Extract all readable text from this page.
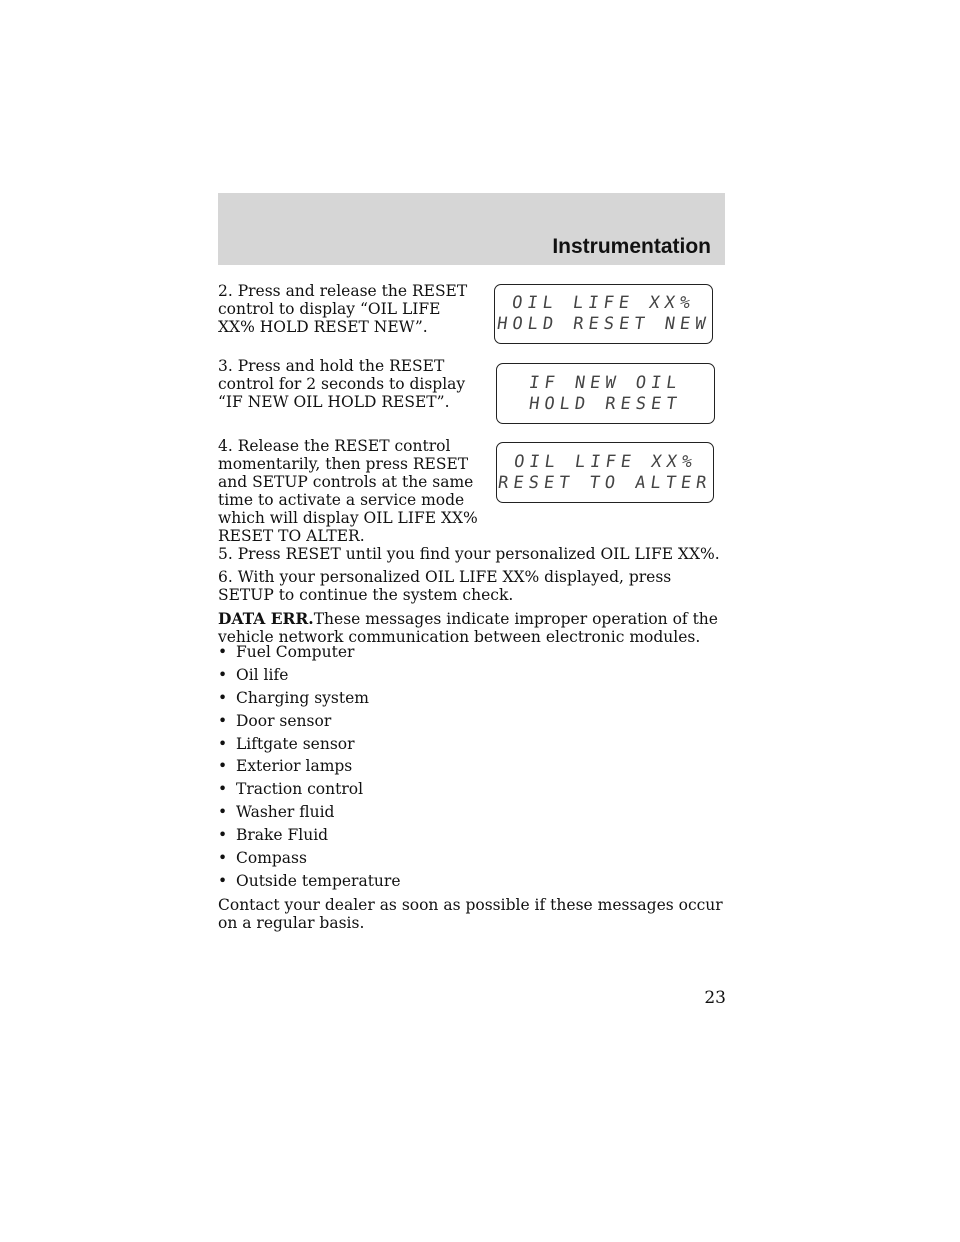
Instrumentation

2. Press and release the RESET control to display “OIL LIFE XX% HOLD RESET NEW”.

3. Press and hold the RESET control for 2 seconds to display “IF NEW OIL HOLD RESET”.

4. Release the RESET control momentarily, then press RESET and SETUP controls at the same time to activate a service mode which will display OIL LIFE XX% RESET TO ALTER.

OIL LIFE XX%
HOLD RESET NEW
IF NEW OIL
HOLD RESET
OIL LIFE XX%
RESET TO ALTER

5. Press RESET until you find your personalized OIL LIFE XX%.

6. With your personalized OIL LIFE XX% displayed, press SETUP to continue the system check.

DATA ERR.These messages indicate improper operation of the vehicle network communication between electronic modules.

• Fuel Computer
• Oil life
• Charging system
• Door sensor
• Liftgate sensor
• Exterior lamps
• Traction control
• Washer fluid
• Brake Fluid
• Compass
• Outside temperature

Contact your dealer as soon as possible if these messages occur on a regular basis.

23
